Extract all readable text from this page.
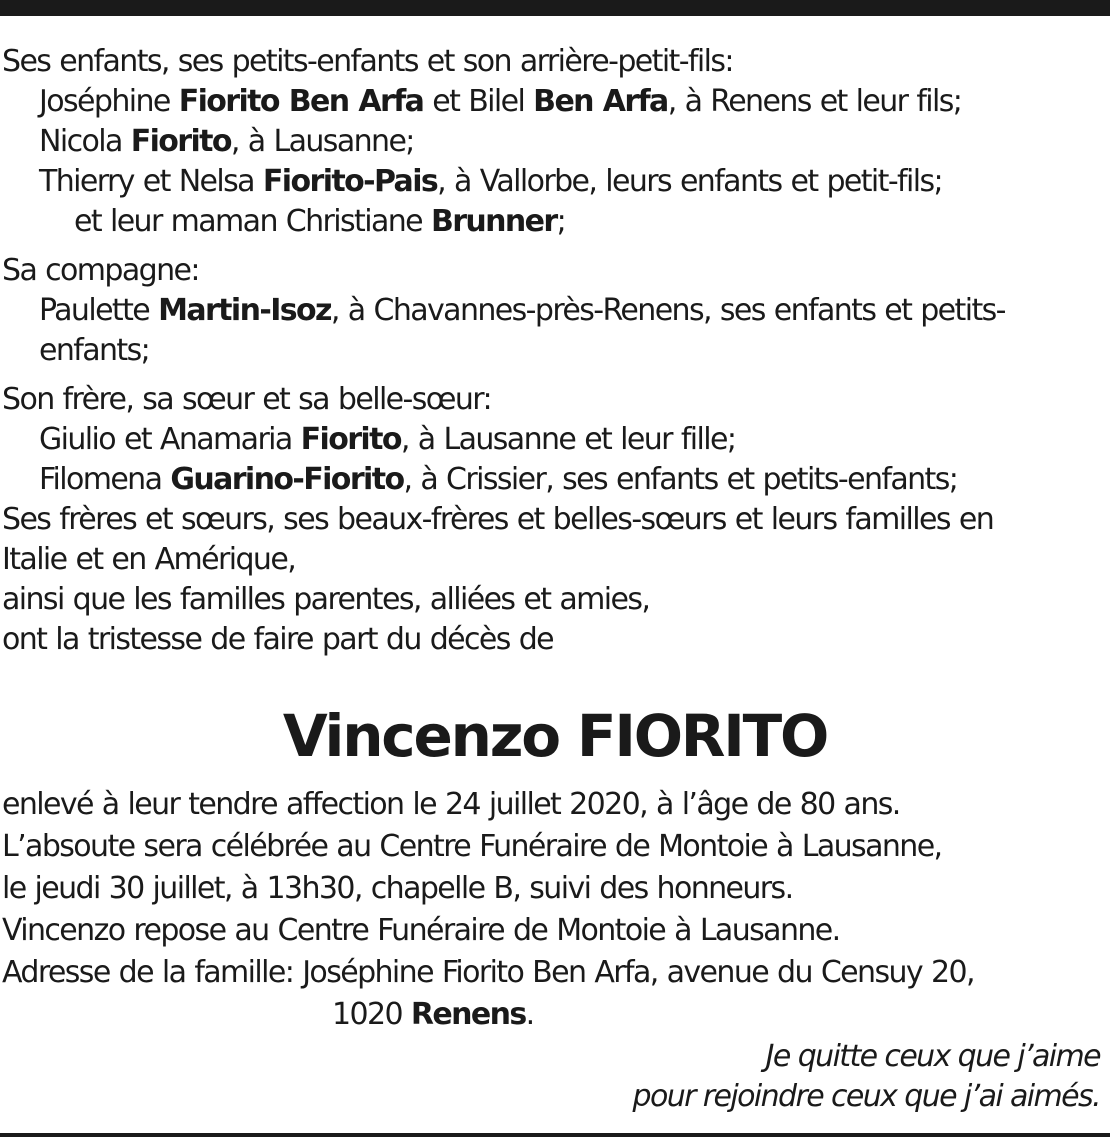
Ses enfants, ses petits-enfants et son arrière-petit-fils:

Joséphine Fiorito Ben Arfa et Bilel Ben Arfa, à Renens et leur fils;

Nicola Fiorito, à Lausanne;

Thierry et Nelsa Fiorito-Pais, à Vallorbe, leurs enfants et petit-fils;

et leur maman Christiane Brunner;

Sa compagne:

Paulette Martin-Isoz, à Chavannes-près-Renens, ses enfants et petits-

enfants;

Son frère, sa sœur et sa belle-sœur:

Giulio et Anamaria Fiorito, à Lausanne et leur fille;

Filomena Guarino-Fiorito, à Crissier, ses enfants et petits-enfants;

Ses frères et sœurs, ses beaux-frères et belles-sœurs et leurs familles en

Italie et en Amérique,

ainsi que les familles parentes, alliées et amies,

ont la tristesse de faire part du décès de

Vincenzo FIORITO

enlevé à leur tendre affection le 24 juillet 2020, à l’âge de 80 ans.

L’absoute sera célébrée au Centre Funéraire de Montoie à Lausanne,

le jeudi 30 juillet, à 13h30, chapelle B, suivi des honneurs.

Vincenzo repose au Centre Funéraire de Montoie à Lausanne.

Adresse de la famille: Joséphine Fiorito Ben Arfa, avenue du Censuy 20,

1020 Renens.

Je quitte ceux que j’aime
pour rejoindre ceux que j’ai aimés.
